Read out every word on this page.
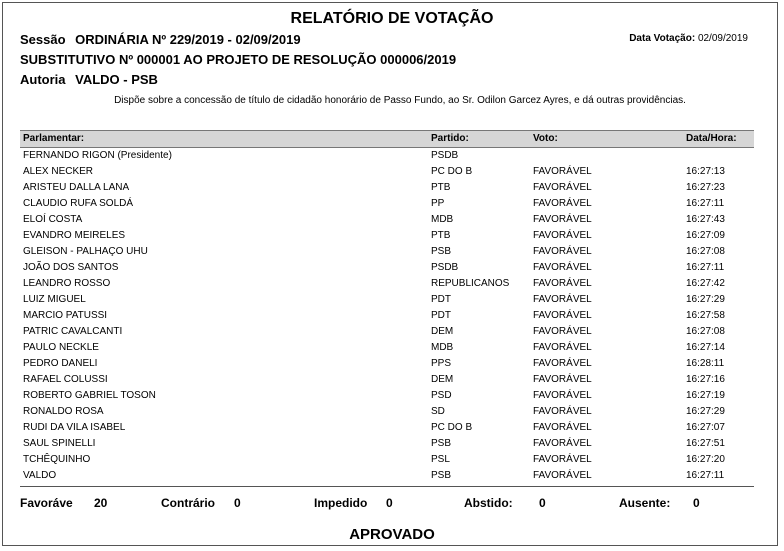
RELATÓRIO DE VOTAÇÃO
Sessão ORDINÁRIA Nº 229/2019 - 02/09/2019	Data Votação: 02/09/2019
SUBSTITUTIVO Nº 000001 AO PROJETO DE RESOLUÇÃO 000006/2019
Autoria VALDO - PSB
Dispõe sobre a concessão de título de cidadão honorário de Passo Fundo, ao Sr. Odilon Garcez Ayres, e dá outras providências.
Parlamentar:	Partido:	Voto:	Data/Hora:
FERNANDO RIGON (Presidente)	PSDB
ALEX NECKER	PC DO B	FAVORÁVEL	16:27:13
ARISTEU DALLA LANA	PTB	FAVORÁVEL	16:27:23
CLAUDIO RUFA SOLDÁ	PP	FAVORÁVEL	16:27:11
ELOÍ COSTA	MDB	FAVORÁVEL	16:27:43
EVANDRO MEIRELES	PTB	FAVORÁVEL	16:27:09
GLEISON - PALHAÇO UHU	PSB	FAVORÁVEL	16:27:08
JOÃO DOS SANTOS	PSDB	FAVORÁVEL	16:27:11
LEANDRO ROSSO	REPUBLICANOS FAVORÁVEL	16:27:42
LUIZ MIGUEL	PDT	FAVORÁVEL	16:27:29
MARCIO PATUSSI	PDT	FAVORÁVEL	16:27:58
PATRIC CAVALCANTI	DEM	FAVORÁVEL	16:27:08
PAULO NECKLE	MDB	FAVORÁVEL	16:27:14
PEDRO DANELI	PPS	FAVORÁVEL	16:28:11
RAFAEL COLUSSI	DEM	FAVORÁVEL	16:27:16
ROBERTO GABRIEL TOSON	PSD	FAVORÁVEL	16:27:19
RONALDO ROSA	SD	FAVORÁVEL	16:27:29
RUDI DA VILA ISABEL	PC DO B	FAVORÁVEL	16:27:07
SAUL SPINELLI	PSB	FAVORÁVEL	16:27:51
TCHÊQUINHO	PSL	FAVORÁVEL	16:27:20
VALDO	PSB	FAVORÁVEL	16:27:11
Favoráve 20	Contrário 0	Impedido 0	Abstido: 0	Ausente: 0
APROVADO
